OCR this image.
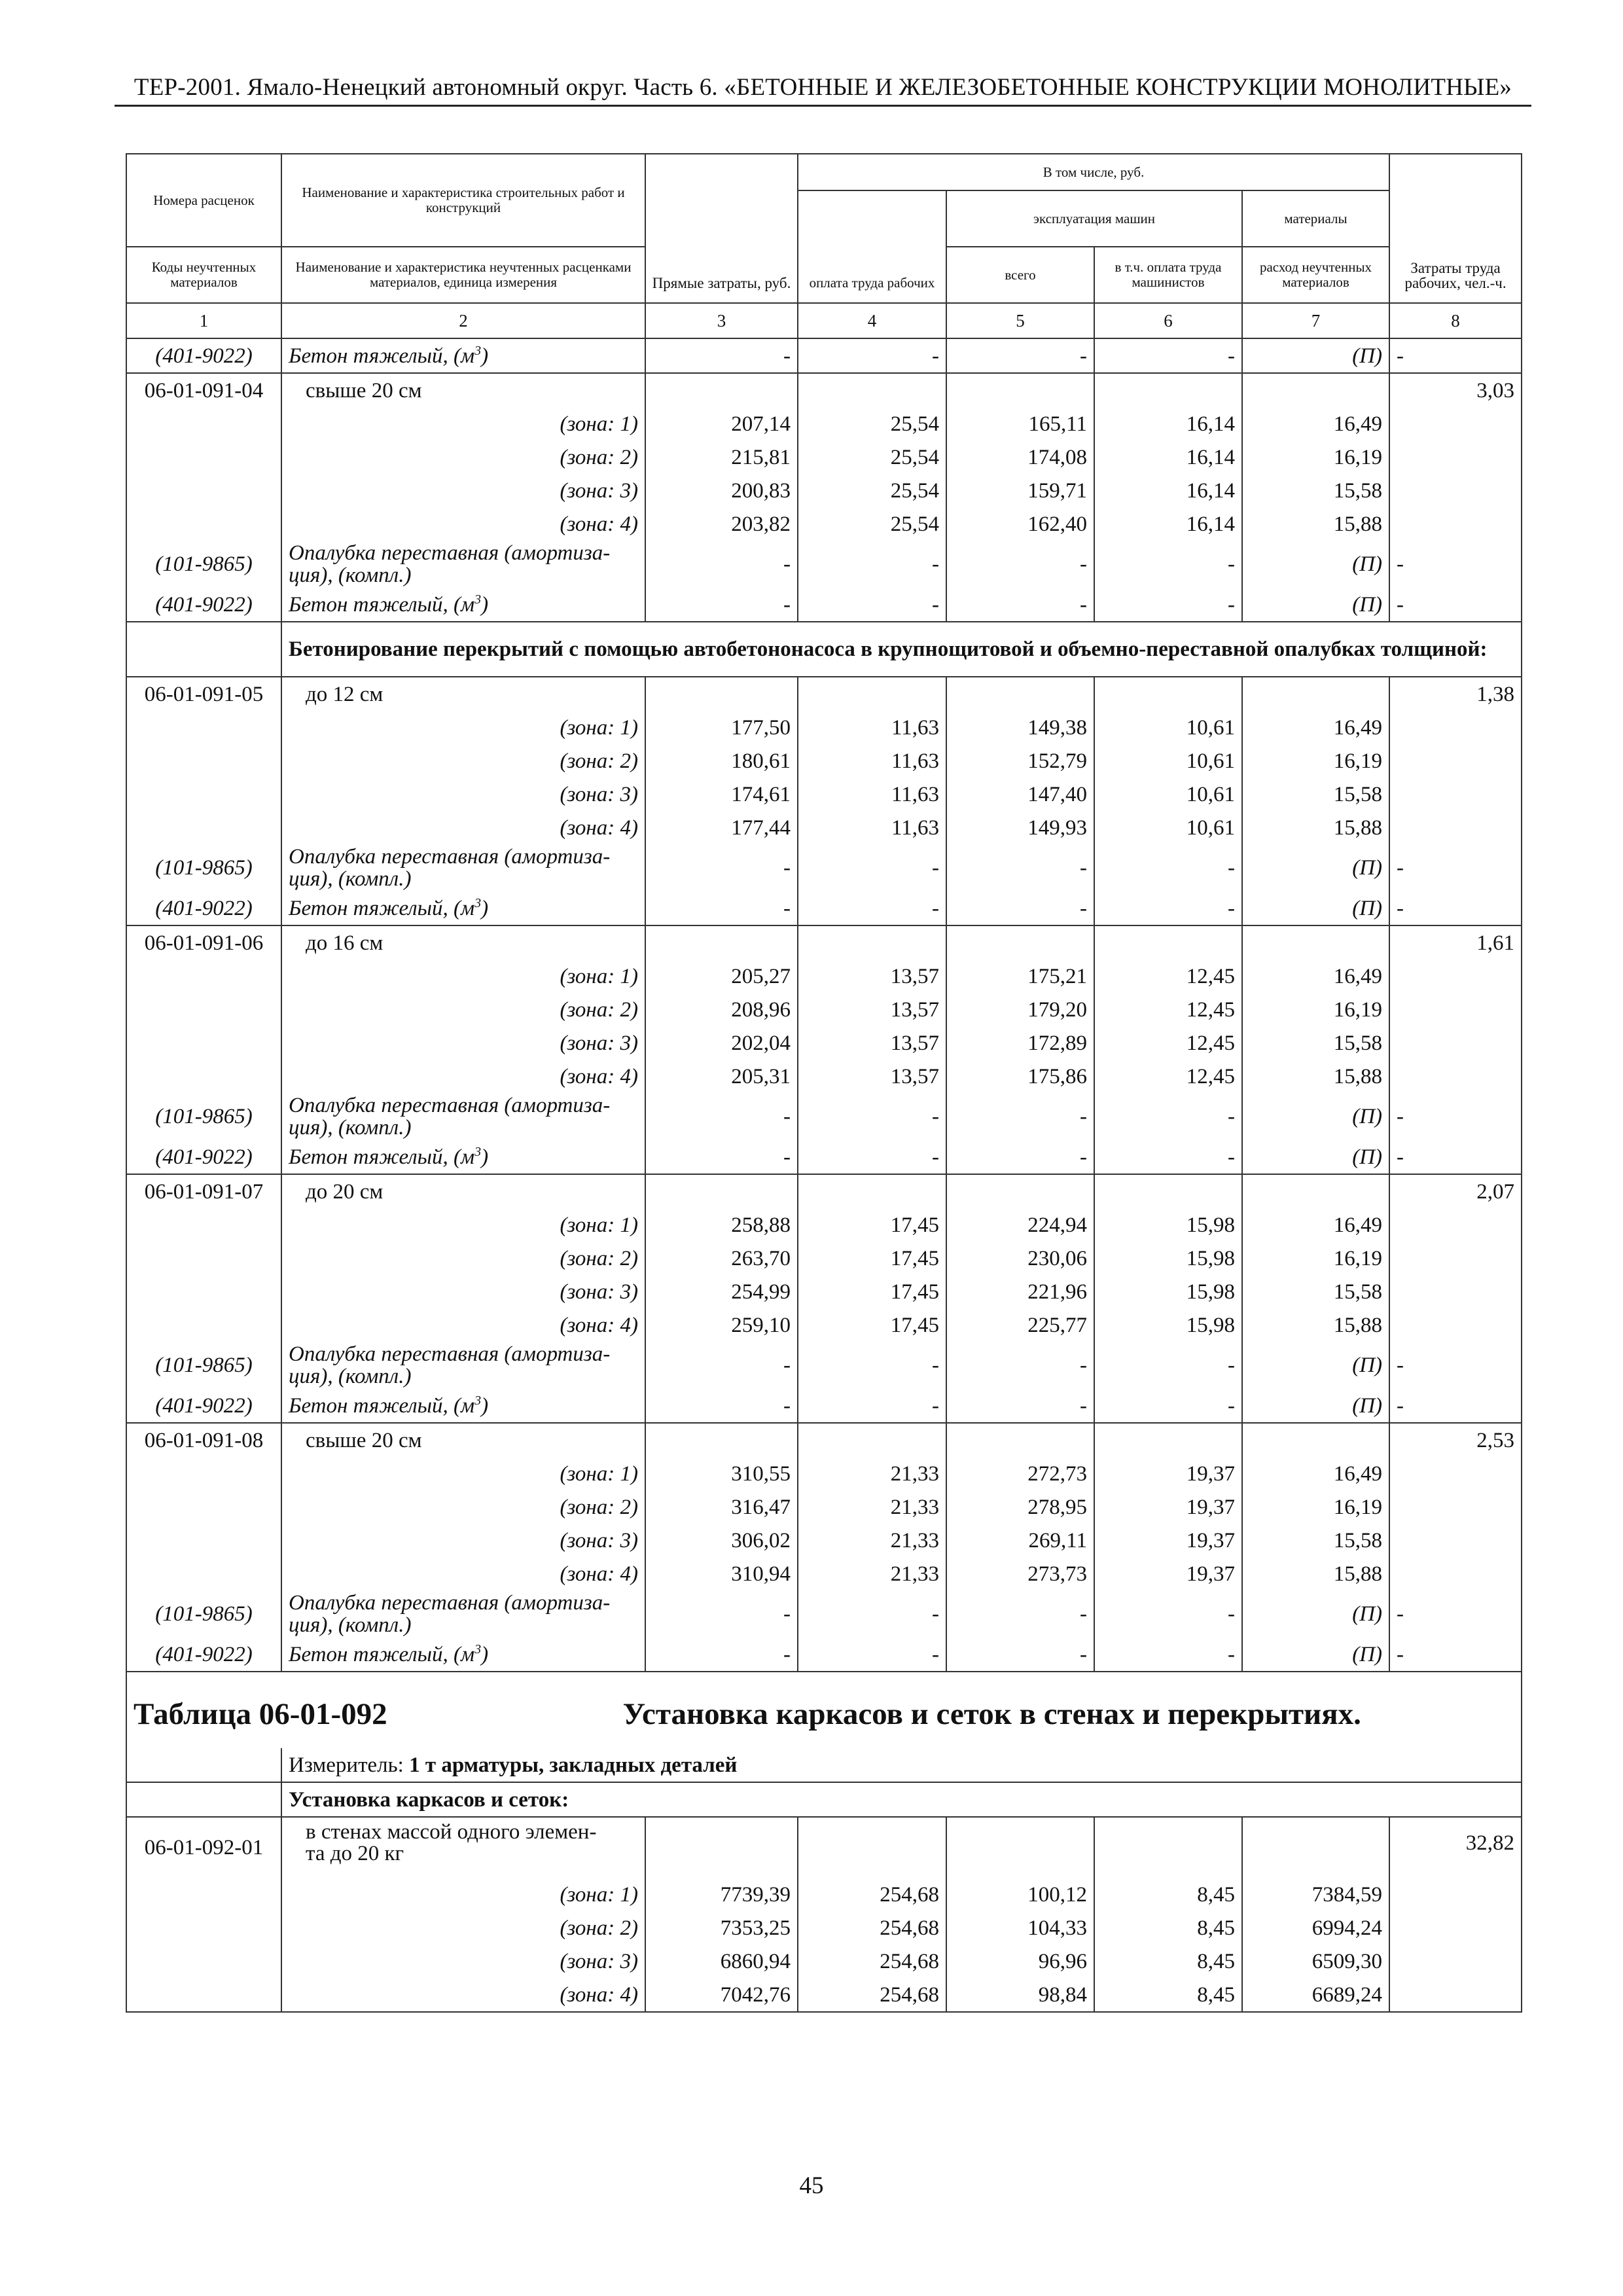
ТЕР-2001. Ямало-Ненецкий автономный округ. Часть 6. «БЕТОННЫЕ И ЖЕЛЕЗОБЕТОННЫЕ КОНСТРУКЦИИ МОНОЛИТНЫЕ»
Номера расценок	Наименование и характеристика строительных работ и конструкций	Прямые затраты, руб.	В том числе, руб.				Затраты труда рабочих, чел.-ч.
			оплата труда рабочих	эксплуатация машин		материалы	
Коды неучтенных материалов	Наименование и характеристика неучтенных расценками материалов, единица измерения			всего	в т.ч. оплата труда машинистов	расход неучтенных материалов	
1	2	3	4	5	6	7	8
(401-9022)	Бетон тяжелый, $(м^3)$	-	-	-	-	(П)	-
06-01-091-04	свыше 20 см						3,03
	(зона: 1)	207,14	25,54	165,11	16,14	16,49	
	(зона: 2)	215,81	25,54	174,08	16,14	16,19	
	(зона: 3)	200,83	25,54	159,71	16,14	15,58	
	(зона: 4)	203,82	25,54	162,40	16,14	15,88	
(101-9865)	Опалубка переставная (амортиза-
ция), (компл.)	-	-	-	-	(П)	-
(401-9022)	Бетон тяжелый, $(м^3)$	-	-	-	-	(П)	-
	Бетонирование перекрытий с помощью автобетононасоса в крупнощитовой и объемно-переставной опалубках толщиной:						
06-01-091-05	до 12 см						1,38
	(зона: 1)	177,50	11,63	149,38	10,61	16,49	
	(зона: 2)	180,61	11,63	152,79	10,61	16,19	
	(зона: 3)	174,61	11,63	147,40	10,61	15,58	
	(зона: 4)	177,44	11,63	149,93	10,61	15,88	
(101-9865)	Опалубка переставная (амортиза-
ция), (компл.)	-	-	-	-	(П)	-
(401-9022)	Бетон тяжелый, $(м^3)$	-	-	-	-	(П)	-
06-01-091-06	до 16 см						1,61
	(зона: 1)	205,27	13,57	175,21	12,45	16,49	
	(зона: 2)	208,96	13,57	179,20	12,45	16,19	
	(зона: 3)	202,04	13,57	172,89	12,45	15,58	
	(зона: 4)	205,31	13,57	175,86	12,45	15,88	
(101-9865)	Опалубка переставная (амортиза-
ция), (компл.)	-	-	-	-	(П)	-
(401-9022)	Бетон тяжелый, $(м^3)$	-	-	-	-	(П)	-
06-01-091-07	до 20 см						2,07
	(зона: 1)	258,88	17,45	224,94	15,98	16,49	
	(зона: 2)	263,70	17,45	230,06	15,98	16,19	
	(зона: 3)	254,99	17,45	221,96	15,98	15,58	
	(зона: 4)	259,10	17,45	225,77	15,98	15,88	
(101-9865)	Опалубка переставная (амортиза-
ция), (компл.)	-	-	-	-	(П)	-
(401-9022)	Бетон тяжелый, $(м^3)$	-	-	-	-	(П)	-
06-01-091-08	свыше 20 см						2,53
	(зона: 1)	310,55	21,33	272,73	19,37	16,49	
	(зона: 2)	316,47	21,33	278,95	19,37	16,19	
	(зона: 3)	306,02	21,33	269,11	19,37	15,58	
	(зона: 4)	310,94	21,33	273,73	19,37	15,88	
(101-9865)	Опалубка переставная (амортиза-
ция), (компл.)	-	-	-	-	(П)	-
(401-9022)	Бетон тяжелый, $(м^3)$	-	-	-	-	(П)	-
Таблица 06-01-092 Установка каркасов и сеток в стенах и перекрытиях.							
	Измеритель: 1 т арматуры, закладных деталей						
	Установка каркасов и сеток:						
06-01-092-01	в стенах массой одного элемен-
та до 20 кг						32,82
	(зона: 1)	7739,39	254,68	100,12	8,45	7384,59	
	(зона: 2)	7353,25	254,68	104,33	8,45	6994,24	
	(зона: 3)	6860,94	254,68	96,96	8,45	6509,30	
	(зона: 4)	7042,76	254,68	98,84	8,45	6689,24	
45
